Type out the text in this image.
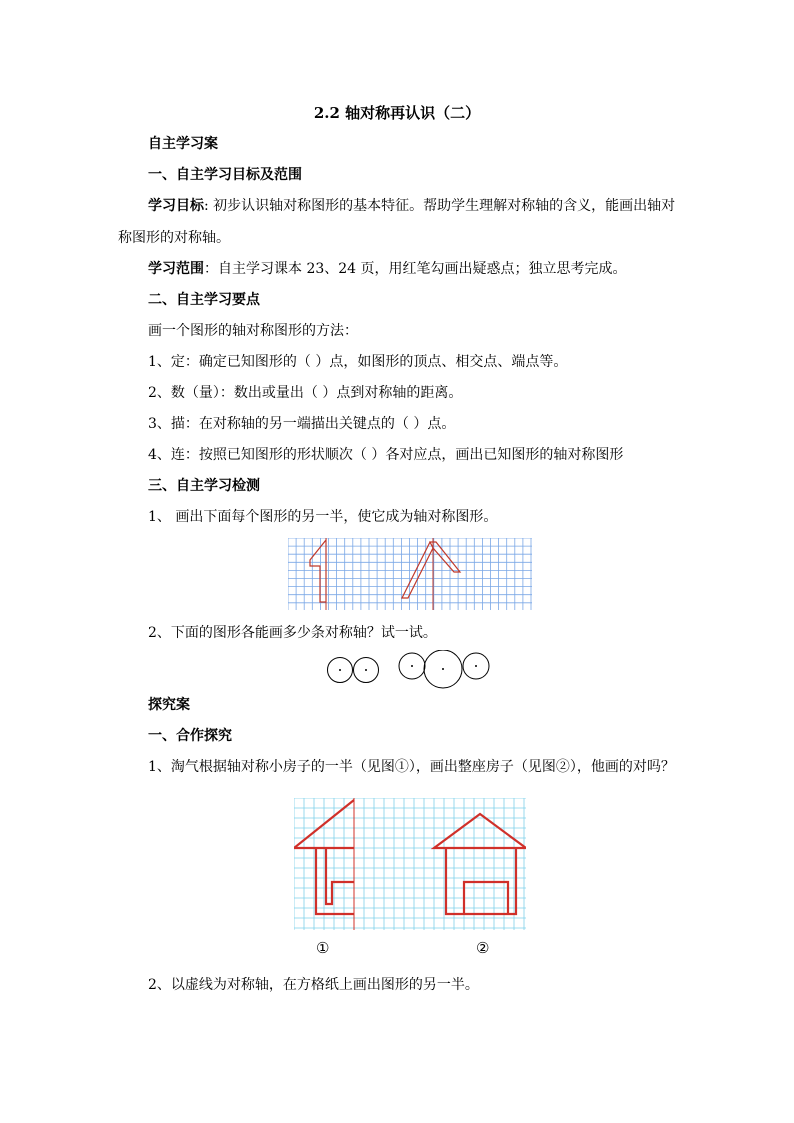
2.2 轴对称再认识（二）
自主学习案
一、自主学习目标及范围
学习目标: 初步认识轴对称图形的基本特征。帮助学生理解对称轴的含义，能画出轴对
称图形的对称轴。
学习范围：自主学习课本 23、24 页，用红笔勾画出疑惑点；独立思考完成。
二、自主学习要点
画一个图形的轴对称图形的方法：
1、定：确定已知图形的（ ）点，如图形的顶点、相交点、端点等。
2、数（量）：数出或量出（ ）点到对称轴的距离。
3、描：在对称轴的另一端描出关键点的（ ）点。
4、连：按照已知图形的形状顺次（ ）各对应点，画出已知图形的轴对称图形
三、自主学习检测
1、 画出下面每个图形的另一半，使它成为轴对称图形。
2、下面的图形各能画多少条对称轴？试一试。
探究案
一、合作探究
1、淘气根据轴对称小房子的一半（见图①），画出整座房子（见图②），他画的对吗？
①	②
2、以虚线为对称轴，在方格纸上画出图形的另一半。
